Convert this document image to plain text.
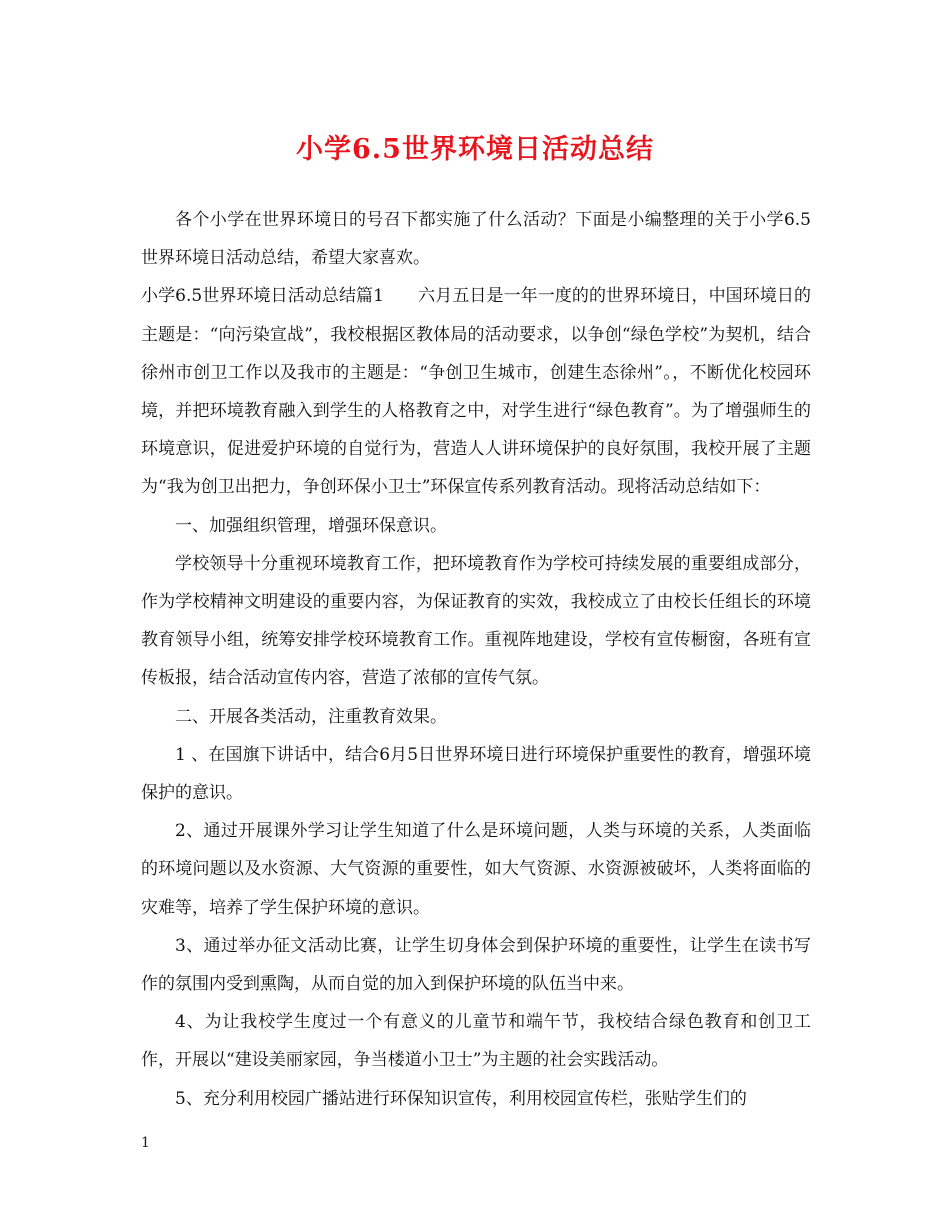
小学6.5世界环境日活动总结

各个小学在世界环境日的号召下都实施了什么活动？下面是小编整理的关于小学6.5世界环境日活动总结，希望大家喜欢。

小学6.5世界环境日活动总结篇1　　六月五日是一年一度的的世界环境日，中国环境日的主题是：“向污染宣战”，我校根据区教体局的活动要求，以争创“绿色学校”为契机，结合徐州市创卫工作以及我市的主题是：“争创卫生城市，创建生态徐州”。，不断优化校园环境，并把环境教育融入到学生的人格教育之中，对学生进行“绿色教育”。为了增强师生的环境意识，促进爱护环境的自觉行为，营造人人讲环境保护的良好氛围，我校开展了主题为“我为创卫出把力，争创环保小卫士”环保宣传系列教育活动。现将活动总结如下：

一、加强组织管理，增强环保意识。

学校领导十分重视环境教育工作，把环境教育作为学校可持续发展的重要组成部分，作为学校精神文明建设的重要内容，为保证教育的实效，我校成立了由校长任组长的环境教育领导小组，统筹安排学校环境教育工作。重视阵地建设，学校有宣传橱窗，各班有宣传板报，结合活动宣传内容，营造了浓郁的宣传气氛。

二、开展各类活动，注重教育效果。

1 、在国旗下讲话中，结合6月5日世界环境日进行环境保护重要性的教育，增强环境保护的意识。

2、通过开展课外学习让学生知道了什么是环境问题，人类与环境的关系，人类面临的环境问题以及水资源、大气资源的重要性，如大气资源、水资源被破坏，人类将面临的灾难等，培养了学生保护环境的意识。

3、通过举办征文活动比赛，让学生切身体会到保护环境的重要性，让学生在读书写作的氛围内受到熏陶，从而自觉的加入到保护环境的队伍当中来。

4、为让我校学生度过一个有意义的儿童节和端午节，我校结合绿色教育和创卫工作，开展以“建设美丽家园，争当楼道小卫士”为主题的社会实践活动。

5、充分利用校园广播站进行环保知识宣传，利用校园宣传栏，张贴学生们的

1
